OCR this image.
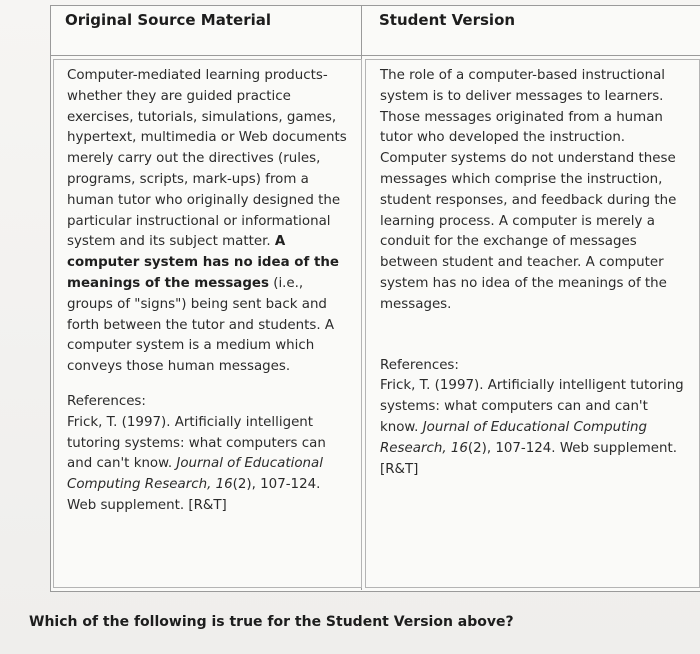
Original Source Material	Student Version
Computer-mediated learning products-whether they are guided practice exercises, tutorials, simulations, games, hypertext, multimedia or Web documents merely carry out the directives (rules, programs, scripts, mark-ups) from a human tutor who originally designed the particular instructional or informational system and its subject matter. A computer system has no idea of the meanings of the messages (i.e., groups of "signs") being sent back and forth between the tutor and students. A computer system is a medium which conveys those human messages.
References:
Frick, T. (1997). Artificially intelligent tutoring systems: what computers can and can't know. Journal of Educational Computing Research, 16(2), 107-124. Web supplement. [R&T]
The role of a computer-based instructional system is to deliver messages to learners. Those messages originated from a human tutor who developed the instruction. Computer systems do not understand these messages which comprise the instruction, student responses, and feedback during the learning process. A computer is merely a conduit for the exchange of messages between student and teacher. A computer system has no idea of the meanings of the messages.
References:
Frick, T. (1997). Artificially intelligent tutoring systems: what computers can and can't know. Journal of Educational Computing Research, 16(2), 107-124. Web supplement. [R&T]
Which of the following is true for the Student Version above?
